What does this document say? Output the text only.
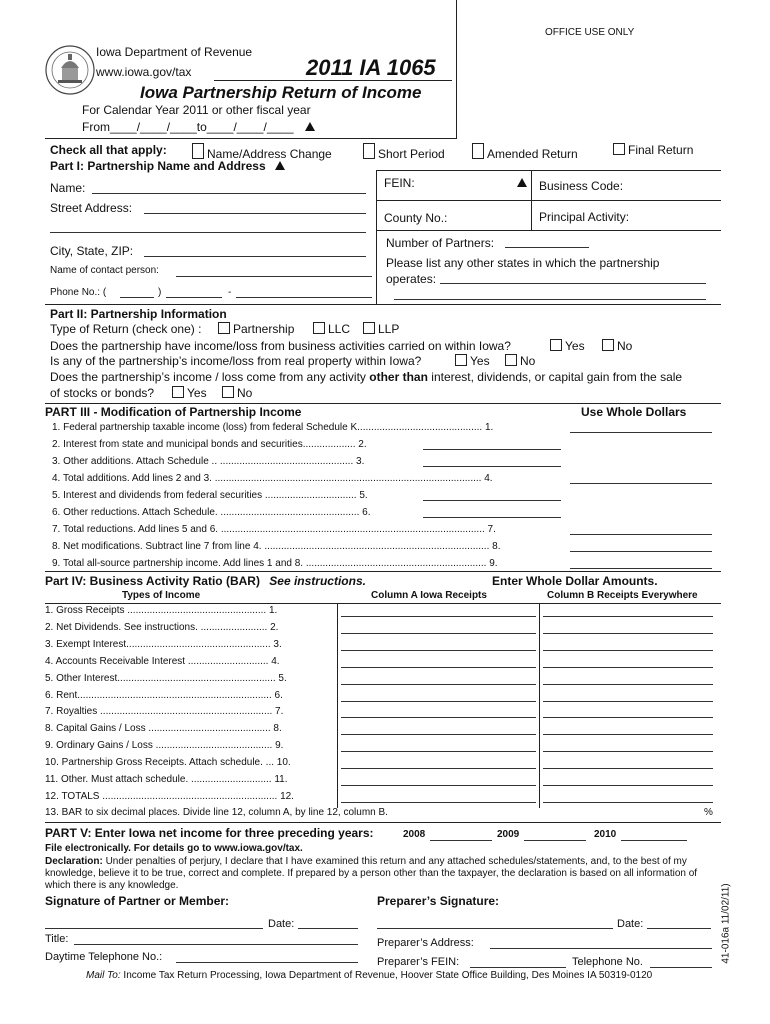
OFFICE USE ONLY
Iowa Department of Revenue
www.iowa.gov/tax	2011 IA 1065
Iowa Partnership Return of Income
For Calendar Year 2011 or other fiscal year
From____/____/____to____/____/____
Check all that apply:	Name/Address Change	Short Period	Amended Return	Final Return
Part I: Partnership Name and Address
Name:
Street Address:
City, State, ZIP:
Name of contact person:
Phone No.: (	)	-
FEIN:	Business Code:
County No.:	Principal Activity:
Number of Partners:
Please list any other states in which the partnership
operates:
Part II: Partnership Information
Type of Return (check one) :	Partnership	LLC	LLP
Does the partnership have income/loss from business activities carried on within Iowa?	Yes	No
Is any of the partnership’s income/loss from real property within Iowa?	Yes	No
Does the partnership’s income / loss come from any activity other than interest, dividends, or capital gain from the sale
of stocks or bonds?	Yes	No
PART III - Modification of Partnership Income	Use Whole Dollars
1. Federal partnership taxable income (loss) from federal Schedule K............................................. 1.
2. Interest from state and municipal bonds and securities................... 2.
3. Other additions. Attach Schedule .. ................................................ 3.
4. Total additions. Add lines 2 and 3. ................................................................................................ 4.
5. Interest and dividends from federal securities ................................. 5.
6. Other reductions. Attach Schedule. .................................................. 6.
7. Total reductions. Add lines 5 and 6. ............................................................................................... 7.
8. Net modifications. Subtract line 7 from line 4. ................................................................................. 8.
9. Total all-source partnership income. Add lines 1 and 8. ................................................................. 9.
Part IV: Business Activity Ratio (BAR) See instructions.	Enter Whole Dollar Amounts.
Types of Income	Column A Iowa Receipts	Column B Receipts Everywhere
1. Gross Receipts .................................................. 1.
2. Net Dividends. See instructions. ........................ 2.
3. Exempt Interest.................................................... 3.
4. Accounts Receivable Interest ............................. 4.
5. Other Interest......................................................... 5.
6. Rent...................................................................... 6.
7. Royalties .............................................................. 7.
8. Capital Gains / Loss ............................................ 8.
9. Ordinary Gains / Loss .......................................... 9.
10. Partnership Gross Receipts. Attach schedule. ... 10.
11. Other. Must attach schedule. ............................. 11.
12. TOTALS ............................................................... 12.
13. BAR to six decimal places. Divide line 12, column A, by line 12, column B.	%
PART V: Enter Iowa net income for three preceding years:	2008	2009	2010
File electronically. For details go to www.iowa.gov/tax.
Declaration: Under penalties of perjury, I declare that I have examined this return and any attached schedules/statements, and, to the best of my
knowledge, believe it to be true, correct and complete. If prepared by a person other than the taxpayer, the declaration is based on all information of
which there is any knowledge.
Signature of Partner or Member:	Preparer’s Signature:
Date:	Date:
Title:	Preparer’s Address:
Daytime Telephone No.:	Preparer’s FEIN:	Telephone No.
Mail To: Income Tax Return Processing, Iowa Department of Revenue, Hoover State Office Building, Des Moines IA 50319-0120
41-016a 11/02/11)
